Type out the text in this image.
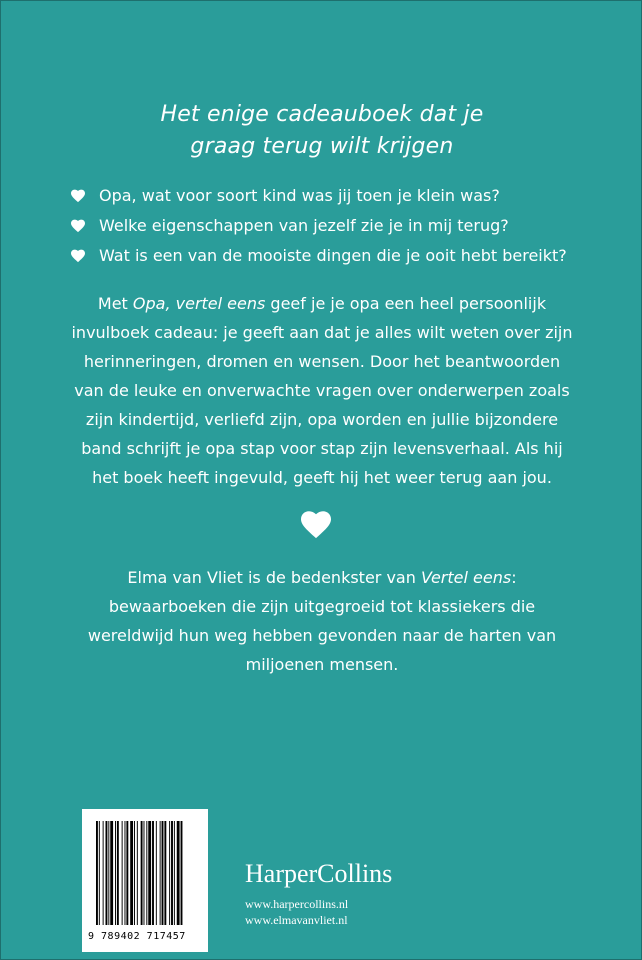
Het enige cadeauboek dat je
graag terug wilt krijgen
Opa, wat voor soort kind was jij toen je klein was?
Welke eigenschappen van jezelf zie je in mij terug?
Wat is een van de mooiste dingen die je ooit hebt bereikt?
Met Opa, vertel eens geef je je opa een heel persoonlijk
invulboek cadeau: je geeft aan dat je alles wilt weten over zijn
herinneringen, dromen en wensen. Door het beantwoorden
van de leuke en onverwachte vragen over onderwerpen zoals
zijn kindertijd, verliefd zijn, opa worden en jullie bijzondere
band schrijft je opa stap voor stap zijn levensverhaal. Als hij
het boek heeft ingevuld, geeft hij het weer terug aan jou.
Elma van Vliet is de bedenkster van Vertel eens:
bewaarboeken die zijn uitgegroeid tot klassiekers die
wereldwijd hun weg hebben gevonden naar de harten van
miljoenen mensen.
9 789402 717457
HarperCollins
www.harpercollins.nl
www.elmavanvliet.nl
